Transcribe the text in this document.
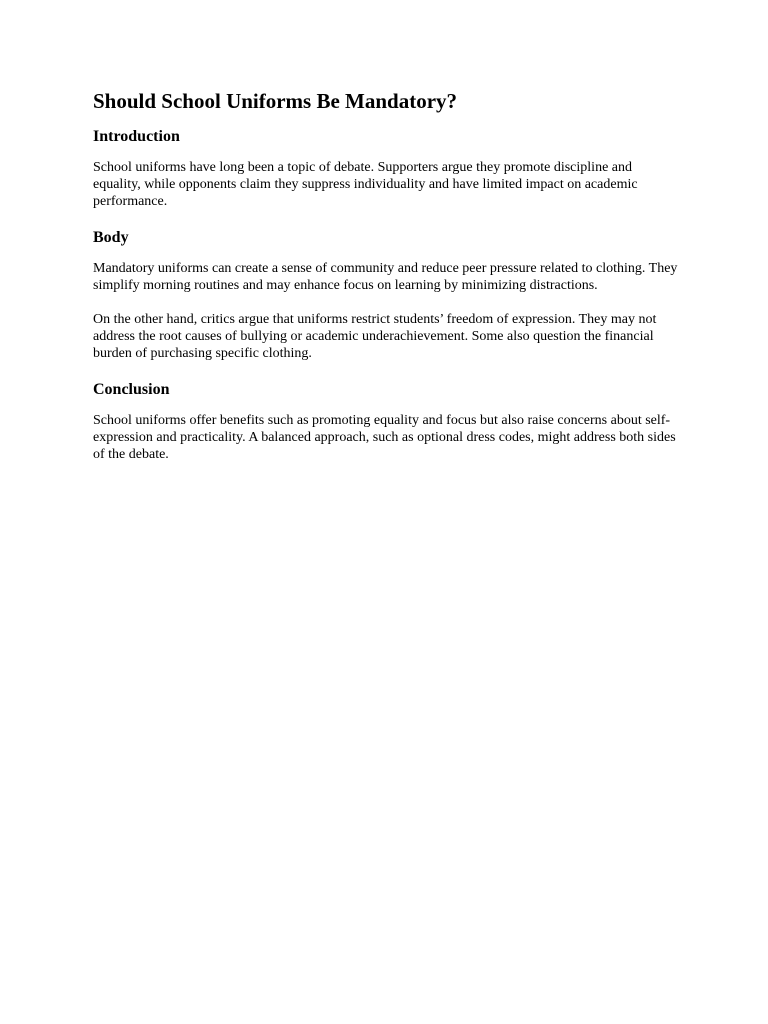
Should School Uniforms Be Mandatory?
Introduction

School uniforms have long been a topic of debate. Supporters argue they promote discipline and equality, while opponents claim they suppress individuality and have limited impact on academic performance.

Body

Mandatory uniforms can create a sense of community and reduce peer pressure related to clothing. They simplify morning routines and may enhance focus on learning by minimizing distractions.

On the other hand, critics argue that uniforms restrict students’ freedom of expression. They may not address the root causes of bullying or academic underachievement. Some also question the financial burden of purchasing specific clothing.

Conclusion

School uniforms offer benefits such as promoting equality and focus but also raise concerns about self-expression and practicality. A balanced approach, such as optional dress codes, might address both sides of the debate.
